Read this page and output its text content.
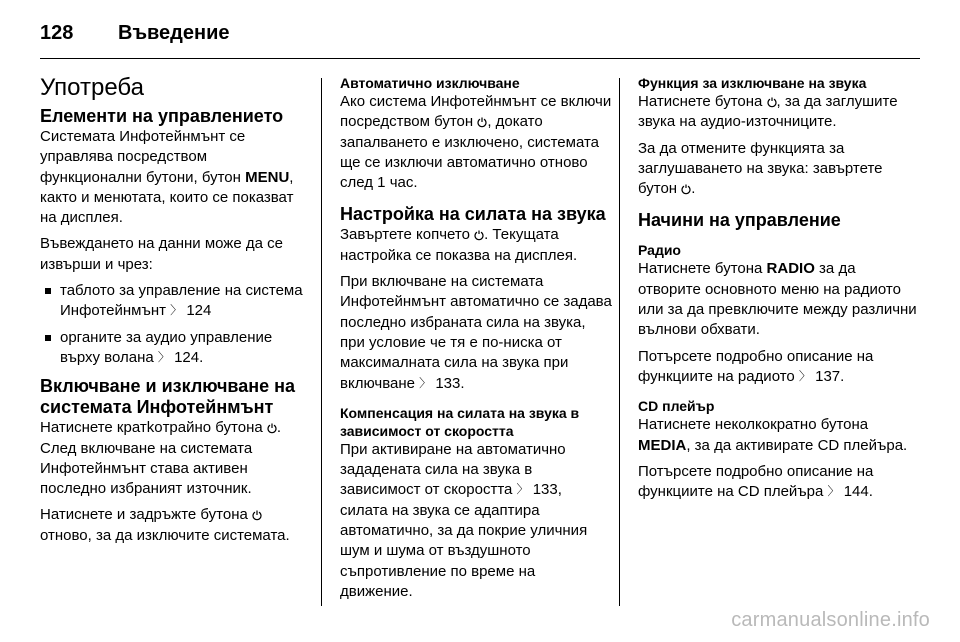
128 Въведение
Употреба
Елементи на управлението

Системата Инфотейнмънт се управлява посредством функционални бутони, бутон MENU, както и менютата, които се показват на дисплея.

Въвеждането на данни може да се извърши и чрез:

таблото за управление на система Инфотейнмънт 〉 124
органите за аудио управление върху волана 〉 124.
Включване и изключване на системата Инфотейнмънт

Натиснете кратkoтрайно бутона
. След включване на системата Инфотейнмънт става активен последно избраният източник.

Натиснете и задръжте бутона
отново, за да изключите системата.

Автоматично изключване

Ако система Инфотейнмънт се включи посредством бутон
, докато запалването е изключено, системата ще се изключи автоматично отново след 1 час.

Настройка на силата на звука

Завъртете копчето
. Текущата настройка се показва на дисплея.

При включване на системата Инфотейнмънт автоматично се задава последно избраната сила на звука, при условие че тя е по-ниска от максималната сила на звука при включване 〉 133.

Компенсация на силата на звука в зависимост от скоростта

При активиране на автоматично зададената сила на звука в зависимост от скоростта 〉 133, силата на звука се адаптира автоматично, за да покрие уличния шум и шума от въздушното съпротивление по време на движение.

Функция за изключване на звука

Натиснете бутона
, за да заглушите звука на аудио-източниците.

За да отмените функцията за заглушаването на звука: завъртете бутон
.

Начини на управление
Радио

Натиснете бутона RADIO за да отворите основното меню на радиото или за да превключите между различни вълнови обхвати.

Потърсете подробно описание на функциите на радиото 〉 137.

CD плейър

Натиснете неколкократно бутона MEDIA, за да активирате CD плейъра.

Потърсете подробно описание на функциите на CD плейъра 〉 144.

carmanualsonline.info
